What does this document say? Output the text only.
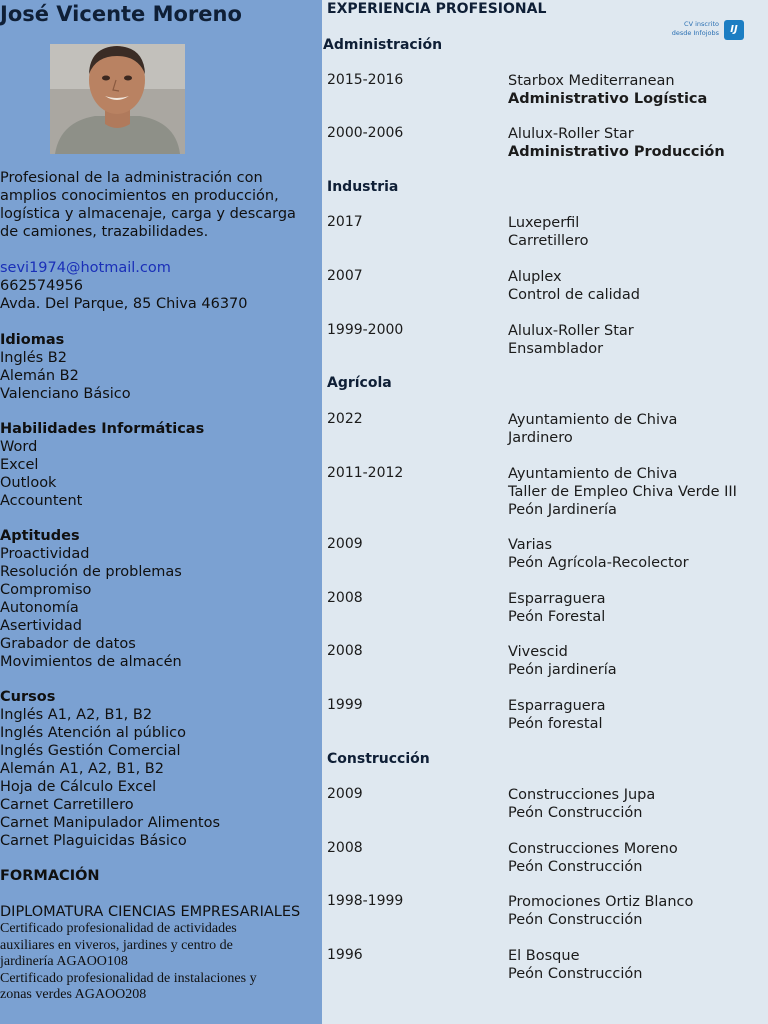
José Vicente Moreno
Profesional de la administración con
amplios conocimientos en producción,
logística y almacenaje, carga y descarga
de camiones, trazabilidades.
sevi1974@hotmail.com
662574956
Avda. Del Parque, 85 Chiva 46370
Idiomas
Inglés B2
Alemán B2
Valenciano Básico
Habilidades Informáticas
Word
Excel
Outlook
Accountent
Aptitudes
Proactividad
Resolución de problemas
Compromiso
Autonomía
Asertividad
Grabador de datos
Movimientos de almacén
Cursos
Inglés A1, A2, B1, B2
Inglés Atención al público
Inglés Gestión Comercial
Alemán A1, A2, B1, B2
Hoja de Cálculo Excel
Carnet Carretillero
Carnet Manipulador Alimentos
Carnet Plaguicidas Básico
FORMACIÓN
DIPLOMATURA CIENCIAS EMPRESARIALES
Certificado profesionalidad de actividades
auxiliares en viveros, jardines y centro de
jardinería AGAOO108
Certificado profesionalidad de instalaciones y
zonas verdes AGAOO208
EXPERIENCIA PROFESIONAL
CV inscrito
desde Infojobs	IJ
Administración
2015-2016	Starbox Mediterranean
Administrativo Logística
2000-2006	Alulux-Roller Star
Administrativo Producción
Industria
2017	Luxeperfil
Carretillero
2007	Aluplex
Control de calidad
1999-2000	Alulux-Roller Star
Ensamblador
Agrícola
2022	Ayuntamiento de Chiva
Jardinero
2011-2012	Ayuntamiento de Chiva
Taller de Empleo Chiva Verde III
Peón Jardinería
2009	Varias
Peón Agrícola-Recolector
2008	Esparraguera
Peón Forestal
2008	Vivescid
Peón jardinería
1999	Esparraguera
Peón forestal
Construcción
2009	Construcciones Jupa
Peón Construcción
2008	Construcciones Moreno
Peón Construcción
1998-1999	Promociones Ortiz Blanco
Peón Construcción
1996	El Bosque
Peón Construcción
